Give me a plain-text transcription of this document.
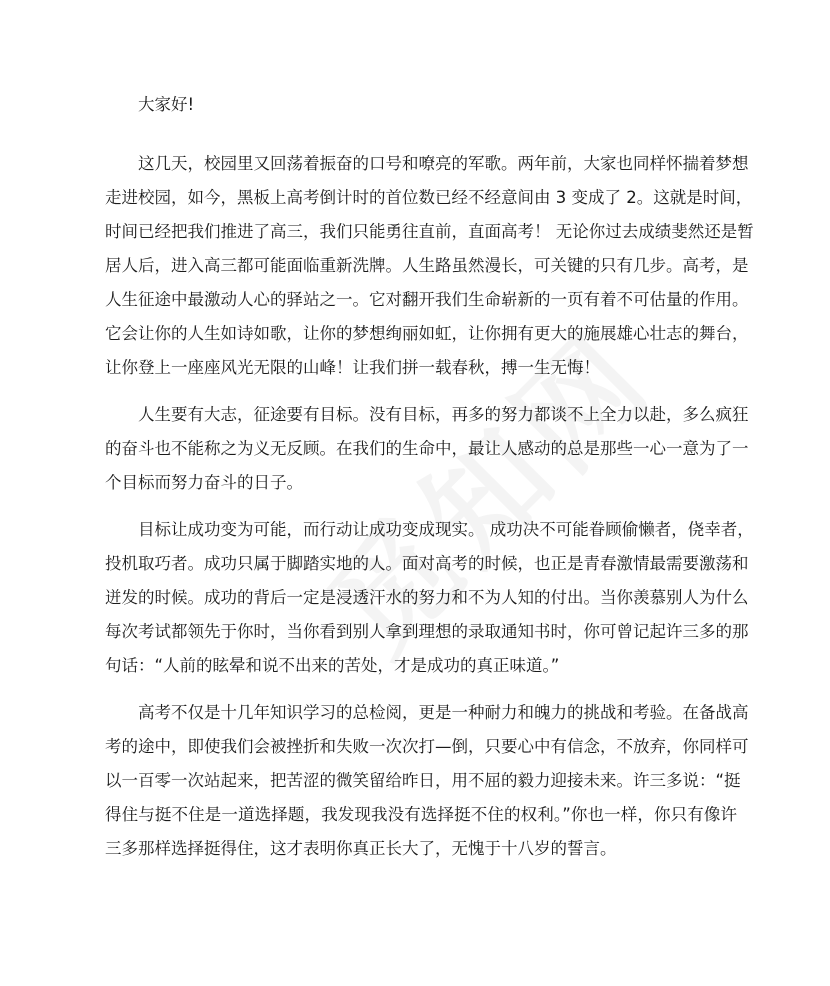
大家好!
这几天，校园里又回荡着振奋的口号和嘹亮的军歌。两年前，大家也同样怀揣着梦想
走进校园，如今，黑板上高考倒计时的首位数已经不经意间由 3 变成了 2。这就是时间，
时间已经把我们推进了高三，我们只能勇往直前，直面高考！ 无论你过去成绩斐然还是暂
居人后，进入高三都可能面临重新洗牌。人生路虽然漫长，可关键的只有几步。高考，是
人生征途中最激动人心的驿站之一。它对翻开我们生命崭新的一页有着不可估量的作用。
它会让你的人生如诗如歌，让你的梦想绚丽如虹，让你拥有更大的施展雄心壮志的舞台，
让你登上一座座风光无限的山峰！让我们拼一载春秋，搏一生无悔！
人生要有大志，征途要有目标。没有目标，再多的努力都谈不上全力以赴，多么疯狂
的奋斗也不能称之为义无反顾。在我们的生命中，最让人感动的总是那些一心一意为了一
个目标而努力奋斗的日子。
目标让成功变为可能，而行动让成功变成现实。 成功决不可能眷顾偷懒者，侥幸者，
投机取巧者。成功只属于脚踏实地的人。面对高考的时候，也正是青春激情最需要激荡和
迸发的时候。成功的背后一定是浸透汗水的努力和不为人知的付出。当你羡慕别人为什么
每次考试都领先于你时，当你看到别人拿到理想的录取通知书时，你可曾记起许三多的那
句话：“人前的眩晕和说不出来的苦处，才是成功的真正味道。”
高考不仅是十几年知识学习的总检阅，更是一种耐力和魄力的挑战和考验。在备战高
考的途中，即使我们会被挫折和失败一次次打—倒，只要心中有信念，不放弃，你同样可
以一百零一次站起来，把苦涩的微笑留给昨日，用不屈的毅力迎接未来。许三多说：“挺
得住与挺不住是一道选择题，我发现我没有选择挺不住的权利。”你也一样，你只有像许
三多那样选择挺得住，这才表明你真正长大了，无愧于十八岁的誓言。
